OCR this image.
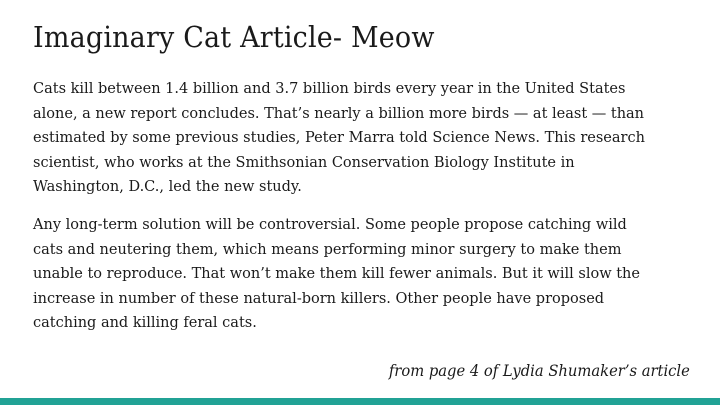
Imaginary Cat Article- Meow

Cats kill between 1.4 billion and 3.7 billion birds every year in the United States
alone, a new report concludes. That’s nearly a billion more birds — at least — than
estimated by some previous studies, Peter Marra told Science News. This research
scientist, who works at the Smithsonian Conservation Biology Institute in
Washington, D.C., led the new study.

Any long-term solution will be controversial. Some people propose catching wild
cats and neutering them, which means performing minor surgery to make them
unable to reproduce. That won’t make them kill fewer animals. But it will slow the
increase in number of these natural-born killers. Other people have proposed
catching and killing feral cats.

from page 4 of Lydia Shumaker’s article
